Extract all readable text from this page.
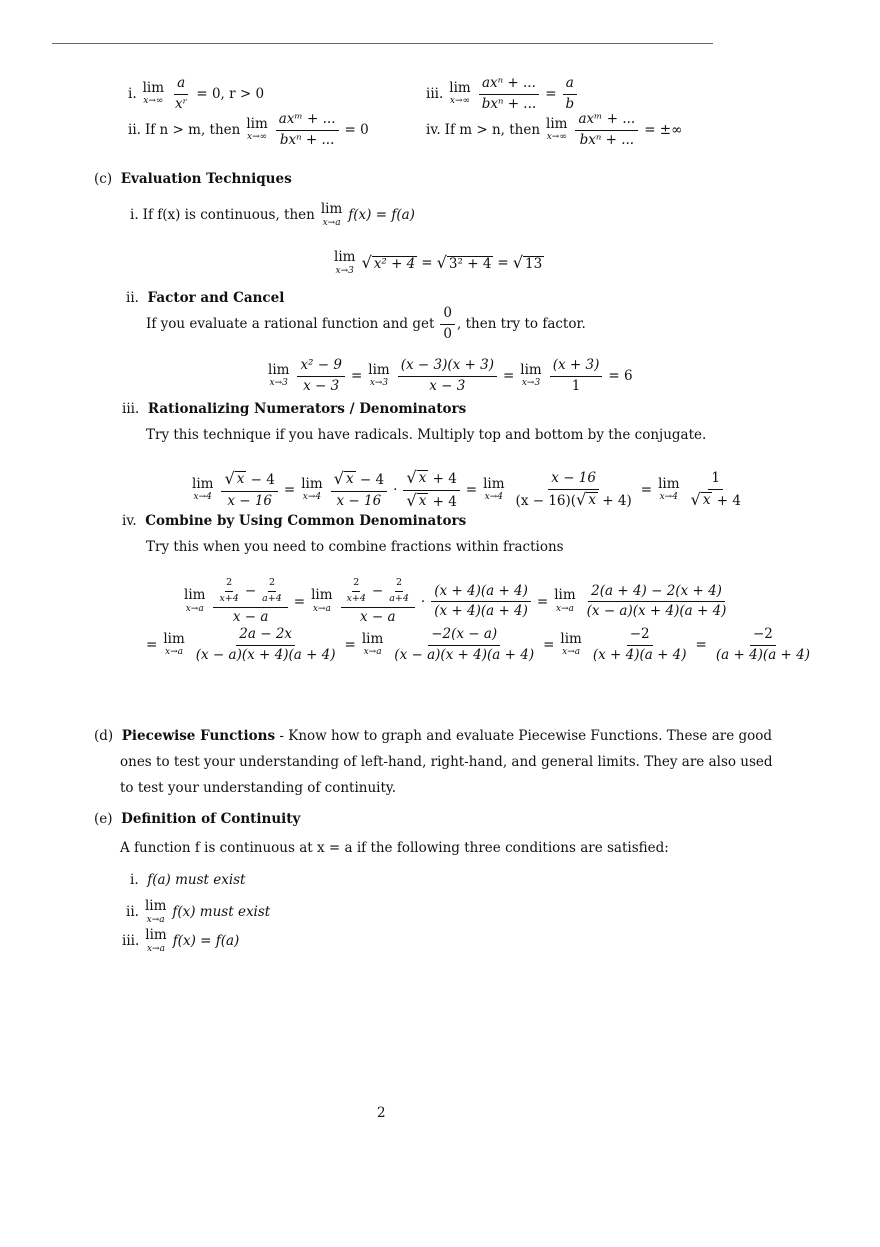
i. lim
$x\to\infty \frac{a}{\text{xʳ}} = 0$, r > 0
ii. If n > m, then lim
$x\to\infty \frac{\text{axᵐ + ...}}{\text{bxⁿ + ...}} = 0$
iii. lim
$x\to\infty \frac{\text{axⁿ + ...}}{\text{bxⁿ + ...}} = \frac{a}{b}$
iv. If m > n, then lim
$x\to\infty \frac{\text{axᵐ + ...}}{\text{bxⁿ + ...}}$ = ±∞
(c) Evaluation Techniques
i. If f(x) is continuous, then lim
x→a f(x) = f(a)
lim
x→3 √ x² + 4 = √ 3² + 4 = √ 13
ii. Factor and Cancel
If you evaluate a rational function and get $\frac{0}{0}$ , then try to factor.
lim
$x\to 3 \frac{\text{x² − 9}}{x - 3} = \lim$
$x\to 3 \frac{(x - 3)(x + 3)}{x - 3} = \lim$
$x\to 3 \frac{(x + 3)}{1} = 6$
iii. Rationalizing Numerators / Denominators
Try this technique if you have radicals. Multiply top and bottom by the conjugate.
lim
$x\to 4 \frac{√ x - 4}{x - 16} = \lim$
$x\to 4 \frac{√ x - 4}{x - 16} \cdot \frac{√ x + 4}{√ x + 4} = \lim$
$x\to 4 \frac{x - 16}{(x - 16)( √ x + 4)} = \lim$
$x\to 4 \frac{1}{√ x + 4}$
iv. Combine by Using Common Denominators
Try this when you need to combine fractions within fractions
lim
$x\to a \frac{\frac{2}{x+4} - \frac{2}{a+4}}{x - a} = \lim$
$x\to a \frac{\frac{2}{x+4} - \frac{2}{a+4}}{x - a} \cdot \frac{(x + 4)(a + 4)}{(x + 4)(a + 4)} = \lim$
$x\to a \frac{2(a + 4) - 2(x + 4)}{(x - a)(x + 4)(a + 4)}$
= lim
$x\to a \frac{2a - 2x}{(x - a)(x + 4)(a + 4)} = \lim$
$x\to a \frac{-2(x - a)}{(x - a)(x + 4)(a + 4)} = \lim$
$x\to a \frac{-2}{(x + 4)(a + 4)} = \frac{-2}{(a + 4)(a + 4)}$
(d) Piecewise Functions - Know how to graph and evaluate Piecewise Functions. These are good
ones to test your understanding of left-hand, right-hand, and general limits. They are also used
to test your understanding of continuity.
(e) Definition of Continuity
A function f is continuous at x = a if the following three conditions are satisfied:
i. f(a) must exist
ii. lim
x→a f(x) must exist
iii. lim
x→a f(x) = f(a)
2
